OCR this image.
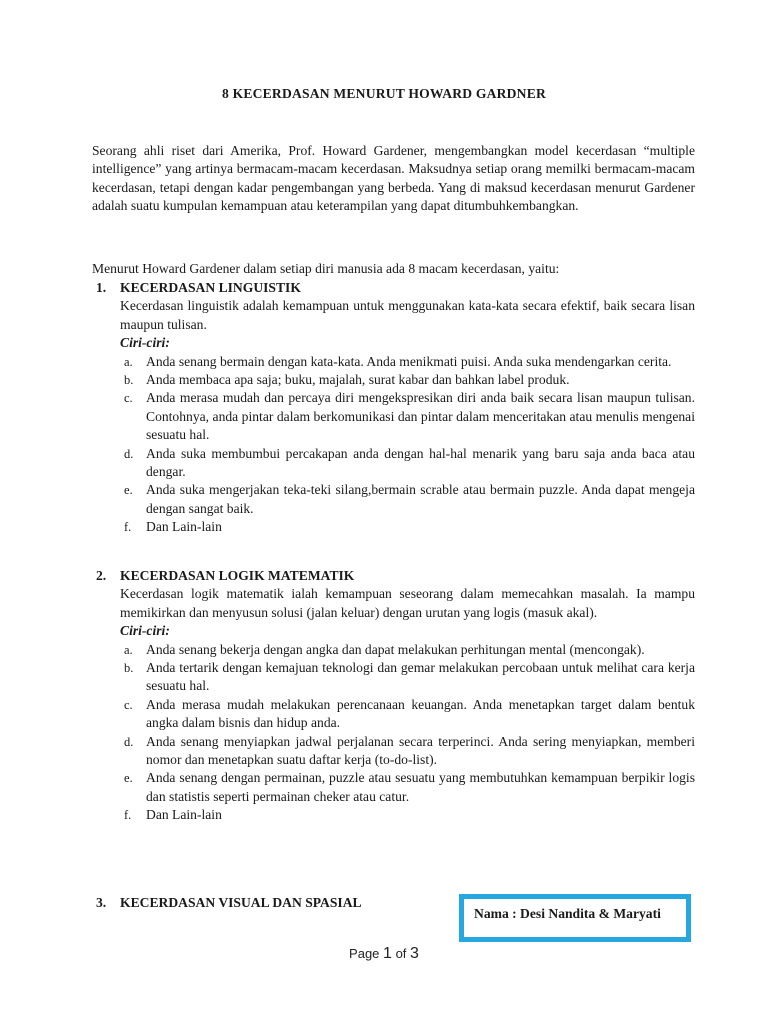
8 KECERDASAN MENURUT HOWARD GARDNER

Seorang ahli riset dari Amerika, Prof. Howard Gardener, mengembangkan model kecerdasan “multiple intelligence” yang artinya bermacam-macam kecerdasan. Maksudnya setiap orang memilki bermacam-macam kecerdasan, tetapi dengan kadar pengembangan yang berbeda. Yang di maksud kecerdasan menurut Gardener adalah suatu kumpulan kemampuan atau keterampilan yang dapat ditumbuhkembangkan.

Menurut Howard Gardener dalam setiap diri manusia ada 8 macam kecerdasan, yaitu:

1. KECERDASAN LINGUISTIK

Kecerdasan linguistik adalah kemampuan untuk menggunakan kata-kata secara efektif, baik secara lisan maupun tulisan.

Ciri-ciri:

a. Anda senang bermain dengan kata-kata. Anda menikmati puisi. Anda suka mendengarkan cerita.
b. Anda membaca apa saja; buku, majalah, surat kabar dan bahkan label produk.
c. Anda merasa mudah dan percaya diri mengekspresikan diri anda baik secara lisan maupun tulisan. Contohnya, anda pintar dalam berkomunikasi dan pintar dalam menceritakan atau menulis mengenai sesuatu hal.
d. Anda suka membumbui percakapan anda dengan hal-hal menarik yang baru saja anda baca atau dengar.
e. Anda suka mengerjakan teka-teki silang,bermain scrable atau bermain puzzle. Anda dapat mengeja dengan sangat baik.
f. Dan Lain-lain
2. KECERDASAN LOGIK MATEMATIK

Kecerdasan logik matematik ialah kemampuan seseorang dalam memecahkan masalah. Ia mampu memikirkan dan menyusun solusi (jalan keluar) dengan urutan yang logis (masuk akal).

Ciri-ciri:

a. Anda senang bekerja dengan angka dan dapat melakukan perhitungan mental (mencongak).
b. Anda tertarik dengan kemajuan teknologi dan gemar melakukan percobaan untuk melihat cara kerja sesuatu hal.
c. Anda merasa mudah melakukan perencanaan keuangan. Anda menetapkan target dalam bentuk angka dalam bisnis dan hidup anda.
d. Anda senang menyiapkan jadwal perjalanan secara terperinci. Anda sering menyiapkan, memberi nomor dan menetapkan suatu daftar kerja (to-do-list).
e. Anda senang dengan permainan, puzzle atau sesuatu yang membutuhkan kemampuan berpikir logis dan statistis seperti permainan cheker atau catur.
f. Dan Lain-lain
3. KECERDASAN VISUAL DAN SPASIAL
Nama : Desi Nandita & Maryati
Page 1 of 3
